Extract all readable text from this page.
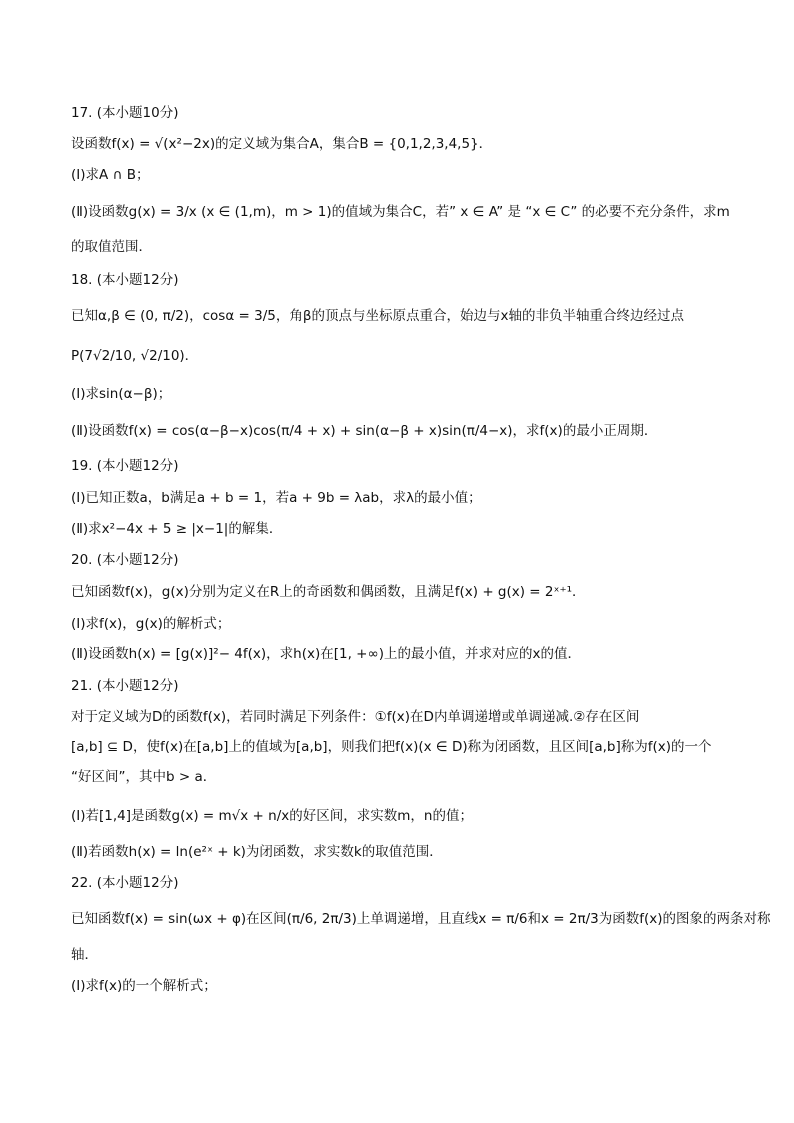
17. (本小题10分)
设函数f(x) = √(x²−2x)的定义域为集合A，集合B = {0,1,2,3,4,5}．
(Ⅰ)求A ∩ B；
(Ⅱ)设函数g(x) = 3/x (x ∈ (1,m)，m > 1)的值域为集合C，若” x ∈ A” 是 “x ∈ C” 的必要不充分条件，求m
的取值范围．
18. (本小题12分)
已知α,β ∈ (0, π/2)，cosα = 3/5，角β的顶点与坐标原点重合，始边与x轴的非负半轴重合终边经过点
P(7√2/10, √2/10)．
(Ⅰ)求sin(α−β)；
(Ⅱ)设函数f(x) = cos(α−β−x)cos(π/4 + x) + sin(α−β + x)sin(π/4−x)，求f(x)的最小正周期．
19. (本小题12分)
(Ⅰ)已知正数a，b满足a + b = 1，若a + 9b = λab，求λ的最小值；
(Ⅱ)求x²−4x + 5 ≥ |x−1|的解集．
20. (本小题12分)
已知函数f(x)，g(x)分别为定义在R上的奇函数和偶函数，且满足f(x) + g(x) = 2ˣ⁺¹．
(Ⅰ)求f(x)，g(x)的解析式；
(Ⅱ)设函数h(x) = [g(x)]²− 4f(x)，求h(x)在[1, +∞)上的最小值，并求对应的x的值．
21. (本小题12分)
对于定义域为D的函数f(x)，若同时满足下列条件：①f(x)在D内单调递增或单调递减.②存在区间
[a,b] ⊆ D，使f(x)在[a,b]上的值域为[a,b]，则我们把f(x)(x ∈ D)称为闭函数，且区间[a,b]称为f(x)的一个
“好区间”，其中b > a．
(Ⅰ)若[1,4]是函数g(x) = m√x + n/x的好区间，求实数m，n的值；
(Ⅱ)若函数h(x) = ln(e²ˣ + k)为闭函数，求实数k的取值范围．
22. (本小题12分)
已知函数f(x) = sin(ωx + φ)在区间(π/6, 2π/3)上单调递增，且直线x = π/6和x = 2π/3为函数f(x)的图象的两条对称
轴．
(Ⅰ)求f(x)的一个解析式；
